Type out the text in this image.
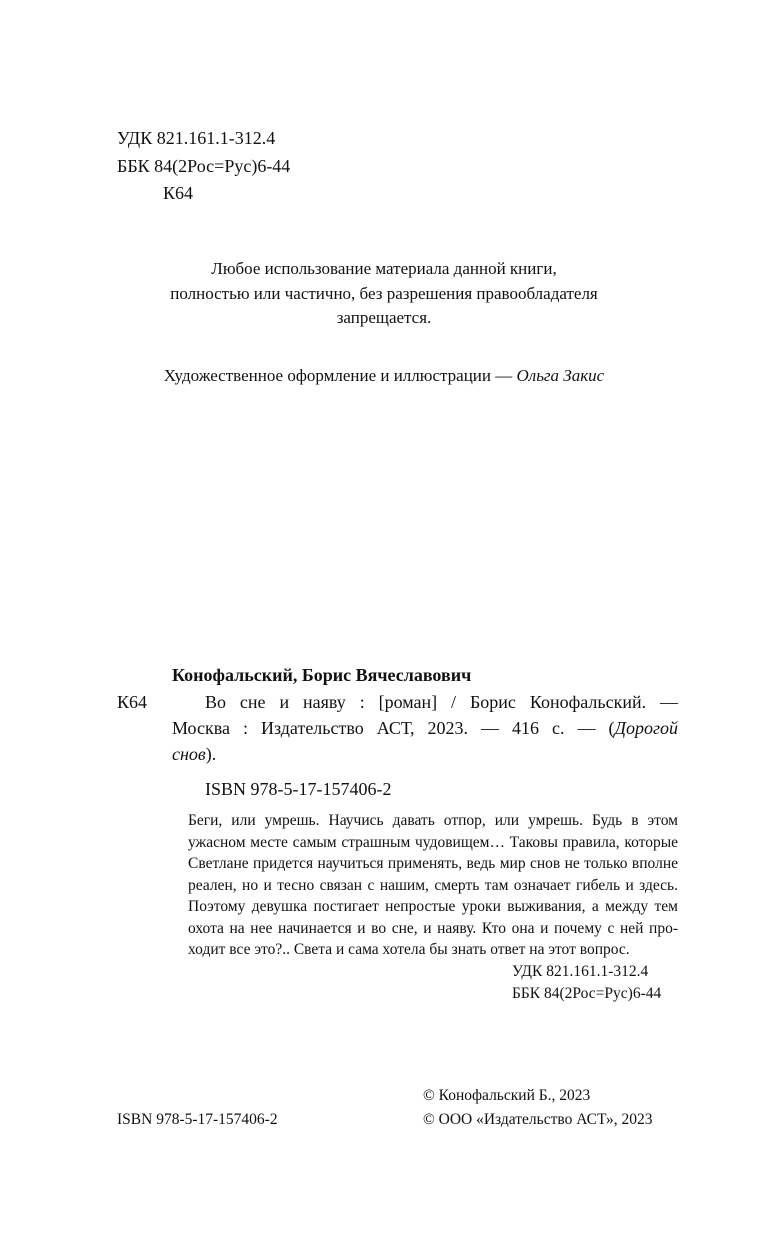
УДК 821.161.1-312.4
ББК 84(2Рос=Рус)6-44
К64
Любое использование материала данной книги,
полностью или частично, без разрешения правообладателя
запрещается.
Художественное оформление и иллюстрации — Ольга Закис
Конофальский, Борис Вячеславович
К64	Во сне и наяву : [роман] / Борис Конофальский. —
Москва : Издательство АСТ, 2023. — 416 с. — (Дорогой
снов).
ISBN 978-5-17-157406-2
Беги, или умрешь. Научись давать отпор, или умрешь. Будь в этом
ужасном месте самым страшным чудовищем… Таковы правила, которые
Светлане придется научиться применять, ведь мир снов не только вполне
реален, но и тесно связан с нашим, смерть там означает гибель и здесь.
Поэтому девушка постигает непростые уроки выживания, а между тем
охота на нее начинается и во сне, и наяву. Кто она и почему с ней про-
ходит все это?.. Света и сама хотела бы знать ответ на этот вопрос.
УДК 821.161.1-312.4
ББК 84(2Рос=Рус)6-44
ISBN 978-5-17-157406-2
© Конофальский Б., 2023
© ООО «Издательство АСТ», 2023
